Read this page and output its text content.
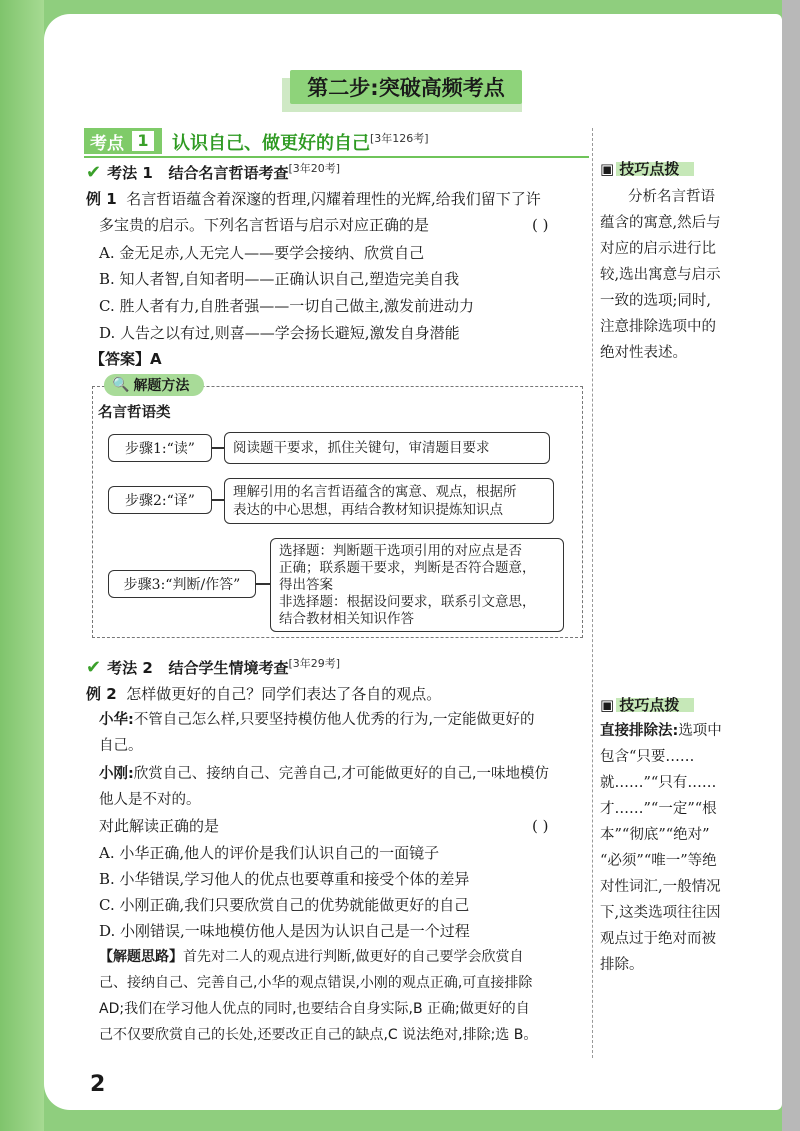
第二步:突破高频考点
考点 1	认识自己、做更好的自己[3年126考]
✔ 考法 1 结合名言哲语考查[3年20考]
例 1 名言哲语蕴含着深邃的哲理,闪耀着理性的光辉,给我们留下了许
多宝贵的启示。下列名言哲语与启示对应正确的是	( )
A. 金无足赤,人无完人——要学会接纳、欣赏自己
B. 知人者智,自知者明——正确认识自己,塑造完美自我
C. 胜人者有力,自胜者强——一切自己做主,激发前进动力
D. 人告之以有过,则喜——学会扬长避短,激发自身潜能
【答案】A
🔍 解题方法
名言哲语类
步骤1:“读”	阅读题干要求，抓住关键句，审清题目要求
步骤2:“译”
理解引用的名言哲语蕴含的寓意、观点，根据所
表达的中心思想，再结合教材知识提炼知识点
步骤3:“判断/作答”
选择题：判断题干选项引用的对应点是否
正确；联系题干要求，判断是否符合题意，
得出答案
非选择题：根据设问要求，联系引文意思，
结合教材相关知识作答
✔ 考法 2 结合学生情境考查[3年29考]
例 2 怎样做更好的自己？同学们表达了各自的观点。
小华:不管自己怎么样,只要坚持模仿他人优秀的行为,一定能做更好的
自己。
小刚:欣赏自己、接纳自己、完善自己,才可能做更好的自己,一味地模仿
他人是不对的。
对此解读正确的是	( )
A. 小华正确,他人的评价是我们认识自己的一面镜子
B. 小华错误,学习他人的优点也要尊重和接受个体的差异
C. 小刚正确,我们只要欣赏自己的优势就能做更好的自己
D. 小刚错误,一味地模仿他人是因为认识自己是一个过程
【解题思路】首先对二人的观点进行判断,做更好的自己要学会欣赏自
己、接纳自己、完善自己,小华的观点错误,小刚的观点正确,可直接排除
AD;我们在学习他人优点的同时,也要结合自身实际,B 正确;做更好的自
己不仅要欣赏自己的长处,还要改正自己的缺点,C 说法绝对,排除;选 B。
▣ 技巧点拨
分析名言哲语
蕴含的寓意,然后与
对应的启示进行比
较,选出寓意与启示
一致的选项;同时,
注意排除选项中的
绝对性表述。
▣ 技巧点拨
直接排除法:选项中
包含“只要……
就……”“只有……
才……”“一定”“根
本”“彻底”“绝对”
“必须”“唯一”等绝
对性词汇,一般情况
下,这类选项往往因
观点过于绝对而被
排除。
2
